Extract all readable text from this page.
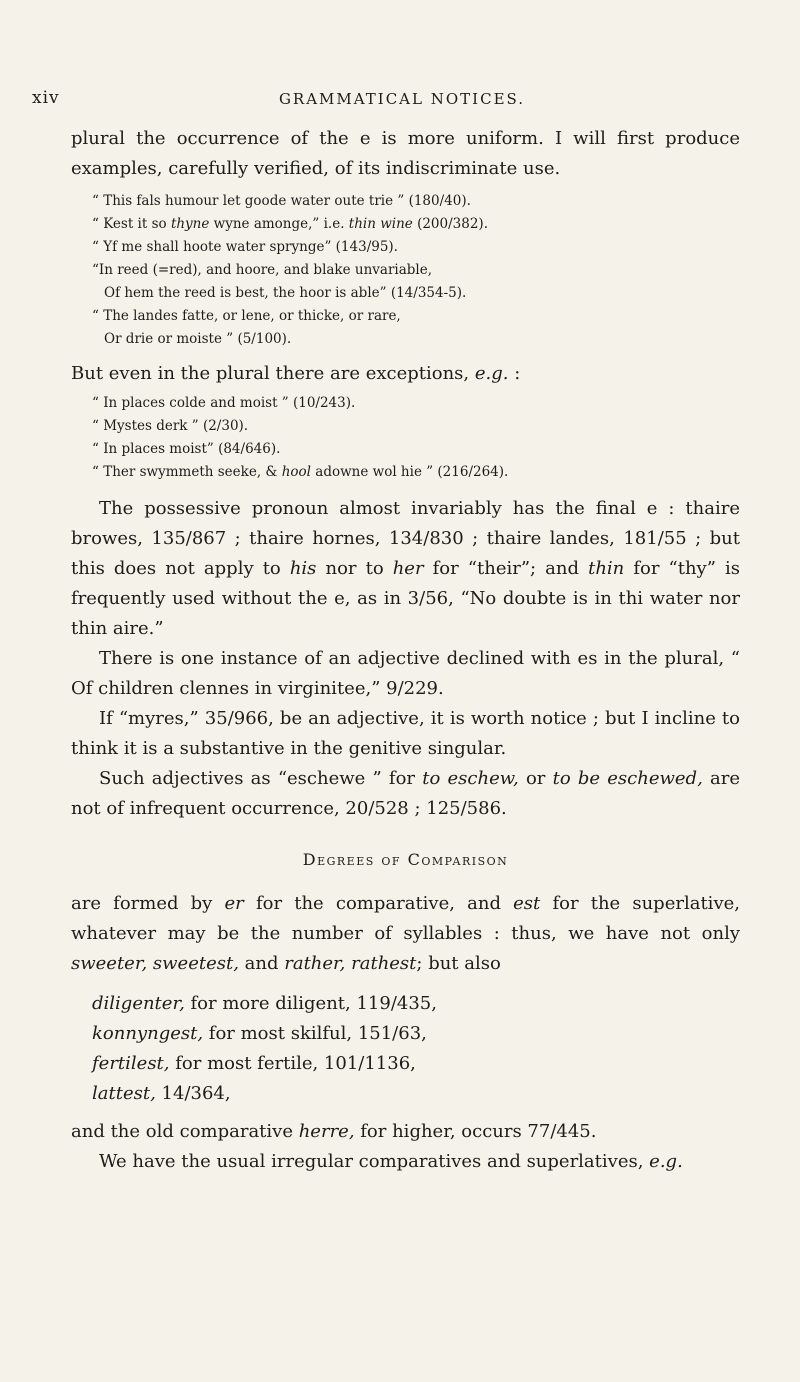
xiv	GRAMMATICAL NOTICES.

plural the occurrence of the e is more uniform. I will first produce examples, carefully verified, of its indiscriminate use.

“ This fals humour let goode water oute trie ” (180/40).
“ Kest it so thyne wyne amonge,” i.e. thin wine (200/382).
“ Yf me shall hoote water sprynge” (143/95).
“In reed (=red), and hoore, and blake unvariable,
Of hem the reed is best, the hoor is able” (14/354-5).
“ The landes fatte, or lene, or thicke, or rare,
Or drie or moiste ” (5/100).

But even in the plural there are exceptions, e.g. :

“ In places colde and moist ” (10/243).
“ Mystes derk ” (2/30).
“ In places moist” (84/646).
“ Ther swymmeth seeke, & hool adowne wol hie ” (216/264).

The possessive pronoun almost invariably has the final e : thaire browes, 135/867 ; thaire hornes, 134/830 ; thaire landes, 181/55 ; but this does not apply to his nor to her for “their”; and thin for “thy” is frequently used without the e, as in 3/56, “No doubte is in thi water nor thin aire.”

There is one instance of an adjective declined with es in the plural, “ Of children clennes in virginitee,” 9/229.

If “myres,” 35/966, be an adjective, it is worth notice ; but I incline to think it is a substantive in the genitive singular.

Such adjectives as “eschewe ” for to eschew, or to be eschewed, are not of infrequent occurrence, 20/528 ; 125/586.

Degrees of Comparison

are formed by er for the comparative, and est for the superlative, whatever may be the number of syllables : thus, we have not only sweeter, sweetest, and rather, rathest; but also

diligenter, for more diligent, 119/435,
konnyngest, for most skilful, 151/63,
fertilest, for most fertile, 101/1136,
lattest, 14/364,

and the old comparative herre, for higher, occurs 77/445.

We have the usual irregular comparatives and superlatives, e.g.
